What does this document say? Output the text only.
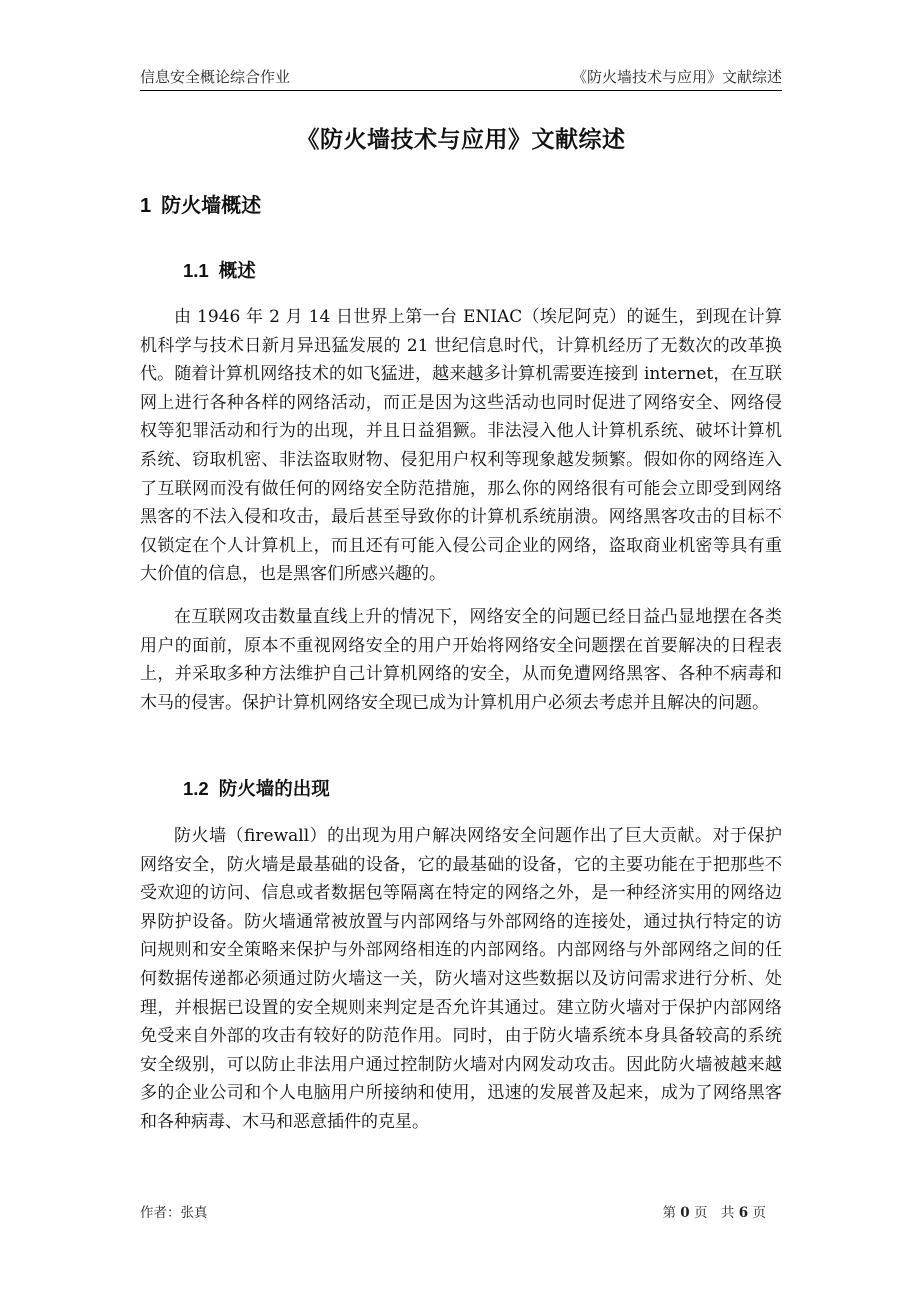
信息安全概论综合作业	《防火墙技术与应用》文献综述
《防火墙技术与应用》文献综述
1 防火墙概述
1.1 概述

由 1946 年 2 月 14 日世界上第一台 ENIAC（埃尼阿克）的诞生，到现在计算机科学与技术日新月异迅猛发展的 21 世纪信息时代，计算机经历了无数次的改革换代。随着计算机网络技术的如飞猛进，越来越多计算机需要连接到 internet，在互联网上进行各种各样的网络活动，而正是因为这些活动也同时促进了网络安全、网络侵权等犯罪活动和行为的出现，并且日益猖獗。非法浸入他人计算机系统、破坏计算机系统、窃取机密、非法盗取财物、侵犯用户权利等现象越发频繁。假如你的网络连入了互联网而没有做任何的网络安全防范措施，那么你的网络很有可能会立即受到网络黑客的不法入侵和攻击，最后甚至导致你的计算机系统崩溃。网络黑客攻击的目标不仅锁定在个人计算机上，而且还有可能入侵公司企业的网络，盗取商业机密等具有重大价值的信息，也是黑客们所感兴趣的。

在互联网攻击数量直线上升的情况下，网络安全的问题已经日益凸显地摆在各类用户的面前，原本不重视网络安全的用户开始将网络安全问题摆在首要解决的日程表上，并采取多种方法维护自己计算机网络的安全，从而免遭网络黑客、各种不病毒和木马的侵害。保护计算机网络安全现已成为计算机用户必须去考虑并且解决的问题。

1.2 防火墙的出现

防火墙（firewall）的出现为用户解决网络安全问题作出了巨大贡献。对于保护网络安全，防火墙是最基础的设备，它的最基础的设备，它的主要功能在于把那些不受欢迎的访问、信息或者数据包等隔离在特定的网络之外，是一种经济实用的网络边界防护设备。防火墙通常被放置与内部网络与外部网络的连接处，通过执行特定的访问规则和安全策略来保护与外部网络相连的内部网络。内部网络与外部网络之间的任何数据传递都必须通过防火墙这一关，防火墙对这些数据以及访问需求进行分析、处理，并根据已设置的安全规则来判定是否允许其通过。建立防火墙对于保护内部网络免受来自外部的攻击有较好的防范作用。同时，由于防火墙系统本身具备较高的系统安全级别，可以防止非法用户通过控制防火墙对内网发动攻击。因此防火墙被越来越多的企业公司和个人电脑用户所接纳和使用，迅速的发展普及起来，成为了网络黑客和各种病毒、木马和恶意插件的克星。

作者：张真	第 0 页　共 6 页
